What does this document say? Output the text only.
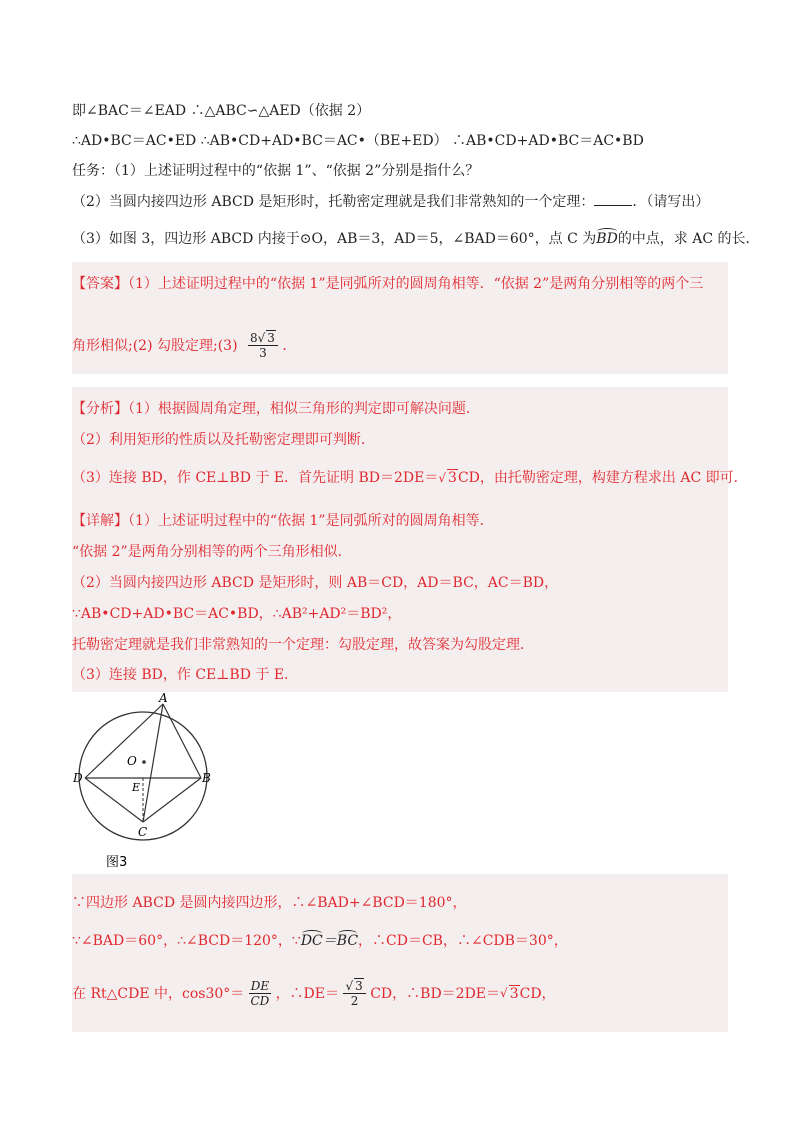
即∠BAC＝∠EAD ∴△ABC∽△AED（依据 2）
∴AD•BC＝AC•ED ∴AB•CD+AD•BC＝AC•（BE+ED） ∴AB•CD+AD•BC＝AC•BD
任务：（1）上述证明过程中的“依据 1”、“依据 2”分别是指什么？
（2）当圆内接四边形 ABCD 是矩形时，托勒密定理就是我们非常熟知的一个定理：	．（请写出）
（3）如图 3，四边形 ABCD 内接于⊙O，AB＝3，AD＝5，∠BAD＝60°，点 C 为BD的中点，求 AC 的长．
【答案】（1）上述证明过程中的“依据 1”是同弧所对的圆周角相等．“依据 2”是两角分别相等的两个三
角形相似;(2) 勾股定理;(3) $\frac{8√ 3}{3}$ ．
【分析】（1）根据圆周角定理，相似三角形的判定即可解决问题．
（2）利用矩形的性质以及托勒密定理即可判断．
（3）连接 BD，作 CE⊥BD 于 E．首先证明 BD＝2DE＝√ 3CD，由托勒密定理，构建方程求出 AC 即可．
【详解】（1）上述证明过程中的“依据 1”是同弧所对的圆周角相等．
“依据 2”是两角分别相等的两个三角形相似．
（2）当圆内接四边形 ABCD 是矩形时，则 AB＝CD，AD＝BC，AC＝BD，
∵AB•CD+AD•BC＝AC•BD，∴AB²+AD²＝BD²，
托勒密定理就是我们非常熟知的一个定理：勾股定理，故答案为勾股定理．
（3）连接 BD，作 CE⊥BD 于 E．
A
B
C
D
E
O
图3
∵四边形 ABCD 是圆内接四边形，∴∠BAD+∠BCD＝180°，
∵∠BAD＝60°，∴∠BCD＝120°，∵DC＝BC，∴CD＝CB，∴∠CDB＝30°，
在 Rt△CDE 中，$\cos 30^\circ= \frac{DE}{CD}$ ，∴DE＝ $\frac{√ 3}{2}$ CD，∴BD＝2DE＝√ 3CD，
